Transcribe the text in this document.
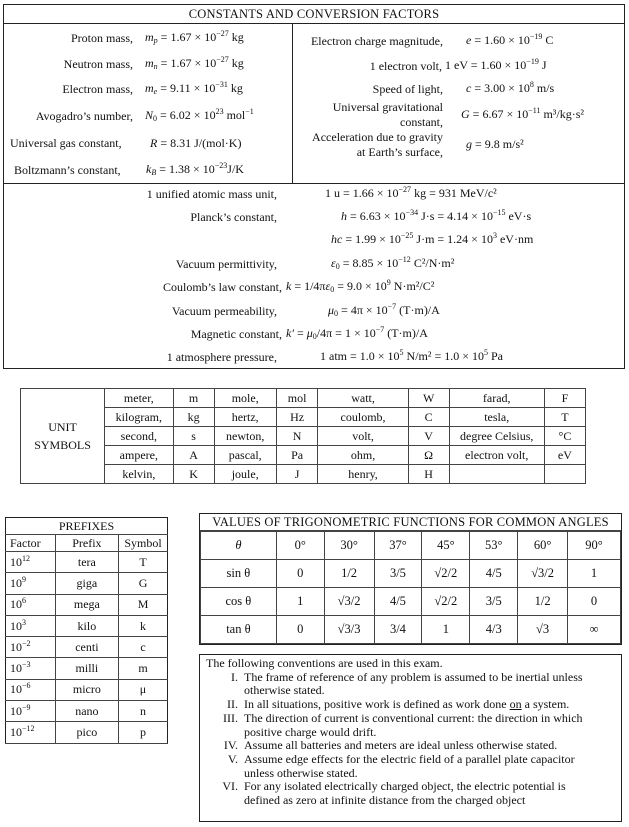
CONSTANTS AND CONVERSION FACTORS
Proton mass, $m_p = 1.67 \times 10^{-27}$ kg
Neutron mass, $m_n = 1.67 \times 10^{-27}$ kg
Electron mass, $m_e = 9.11 \times 10^{-31}$ kg
Avogadro’s number, $N_0 = 6.02 \times 10^{23}$ mol$^{-1}$
Universal gas constant, R = 8.31 J/(mol·K)
Boltzmann’s constant, $k_B = 1.38 \times 10^{-23}J/K$
Electron charge magnitude, $e = 1.60 \times 10^{-19}$ C
1 electron volt, 1 eV = $1.60 \times 10^{-19}$ J
Speed of light, $c = 3.00 \times 10^8$ m/s
Universal gravitational
constant,
$G = 6.67 \times 10^{-11}$ m³/kg·s²
Acceleration due to gravity
at Earth’s surface,
g = 9.8 m/s²
1 unified atomic mass unit,	1 $u = 1.66 \times 10^{-27}$ kg = 931 MeV/c²
Planck’s constant,	$h = 6.63 \times 10^{-34}$ $J\cdot s = 4.14 \times 10^{-15}$ eV·s
hc = $1.99 \times 10^{-25}$ $J\cdot m = 1.24 \times 10^3$ eV·nm
Vacuum permittivity,	$\varepsilon_0 = 8.85 \times 10^{-12}$ C²/N·m²
Coulomb’s law constant, $k = 1/4\pi\varepsilon_0 = 9.0 \times 10^9$ N·m²/C²
Vacuum permeability,	$\mu_0 = 4\pi \times 10^{-7}$ (T·m)/A
Magnetic constant, $k' = \mu_0/4\pi = 1 \times 10^{-7}$ (T·m)/A
1 atmosphere pressure,	1 atm = $1.0 \times 10^5$ $N/m^2 = 1.0 \times 10^5$ Pa
UNIT
SYMBOLS	meter,	m	mole,	mol	watt,	W	farad,	F
	kilogram,	kg	hertz,	Hz	coulomb,	C	tesla,	T
	second,	s	newton,	N	volt,	V	degree Celsius,	°C
	ampere,	A	pascal,	Pa	ohm,	Ω	electron volt,	eV
	kelvin,	K	joule,	J	henry,	H		
PREFIXES		
Factor	Prefix	Symbol
$10^{12}$	tera	T
$10^9$	giga	G
$10^6$	mega	M
$10^3$	kilo	k
$10^{-2}$	centi	c
$10^{-3}$	milli	m
$10^{-6}$	micro	μ
$10^{-9}$	nano	n
$10^{-12}$	pico	p
VALUES OF TRIGONOMETRIC FUNCTIONS FOR COMMON ANGLES
θ	0°	30°	37°	45°	53°	60°	90°
sin θ	0	1/2	3/5	√2/2	4/5	√3/2	1
cos θ	1	√3/2	4/5	√2/2	3/5	1/2	0
tan θ	0	√3/3	3/4	1	4/3	√3	∞
The following conventions are used in this exam.
I. The frame of reference of any problem is assumed to be inertial unless
otherwise stated.
II. In all situations, positive work is defined as work done on a system.
III. The direction of current is conventional current: the direction in which
positive charge would drift.
IV. Assume all batteries and meters are ideal unless otherwise stated.
V. Assume edge effects for the electric field of a parallel plate capacitor
unless otherwise stated.
VI. For any isolated electrically charged object, the electric potential is
defined as zero at infinite distance from the charged object
